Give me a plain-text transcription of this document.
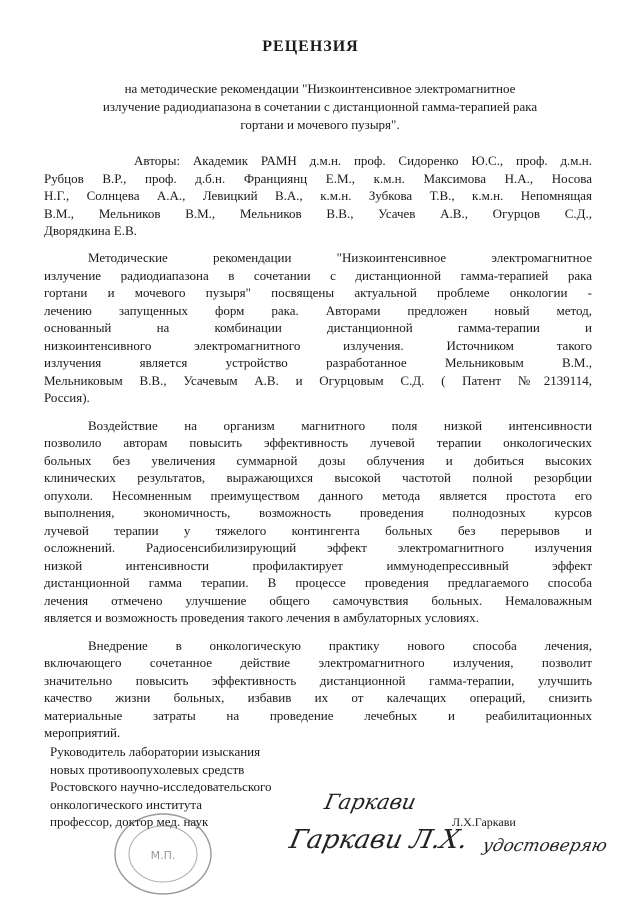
РЕЦЕНЗИЯ
на методические рекомендации "Низкоинтенсивное электромагнитное
излучение радиодиапазона в сочетании с дистанционной гамма-терапией рака
гортани и мочевого пузыря".
Авторы: Академик РАМН д.м.н. проф. Сидоренко Ю.С., проф. д.м.н.
Рубцов В.Р., проф. д.б.н. Франциянц Е.М., к.м.н. Максимова Н.А., Носова
Н.Г., Солнцева А.А., Левицкий В.А., к.м.н. Зубкова Т.В., к.м.н. Непомнящая
В.М., Мельников В.М., Мельников В.В., Усачев А.В., Огурцов С.Д.,
Дворядкина Е.В.
Методические рекомендации "Низкоинтенсивное электромагнитное
излучение радиодиапазона в сочетании с дистанционной гамма-терапией рака
гортани и мочевого пузыря" посвящены актуальной проблеме онкологии -
лечению запущенных форм рака. Авторами предложен новый метод,
основанный на комбинации дистанционной гамма-терапии и
низкоинтенсивного электромагнитного излучения. Источником такого
излучения является устройство разработанное Мельниковым В.М.,
Мельниковым В.В., Усачевым А.В. и Огурцовым С.Д. ( Патент №2139114,
Россия).
Воздействие на организм магнитного поля низкой интенсивности
позволило авторам повысить эффективность лучевой терапии онкологических
больных без увеличения суммарной дозы облучения и добиться высоких
клинических результатов, выражающихся высокой частотой полной резорбции
опухоли. Несомненным преимуществом данного метода является простота его
выполнения, экономичность, возможность проведения полнодозных курсов
лучевой терапии у тяжелого контингента больных без перерывов и
осложнений. Радиосенсибилизирующий эффект электромагнитного излучения
низкой интенсивности профилактирует иммунодепрессивный эффект
дистанционной гамма терапии. В процессе проведения предлагаемого способа
лечения отмечено улучшение общего самочувствия больных. Немаловажным
является и возможность проведения такого лечения в амбулаторных условиях.
Внедрение в онкологическую практику нового способа лечения,
включающего сочетанное действие электромагнитного излучения, позволит
значительно повысить эффективность дистанционной гамма-терапии, улучшить
качество жизни больных, избавив их от калечащих операций, снизить
материальные затраты на проведение лечебных и реабилитационных
мероприятий.
Руководитель лаборатории изыскания
новых противоопухолевых средств
Ростовского научно-исследовательского
онкологического института
профессор, доктор мед. наук
М.П.
Л.Х.Гаркави
Гаркави
Гаркави Л.Х. удостоверяю
